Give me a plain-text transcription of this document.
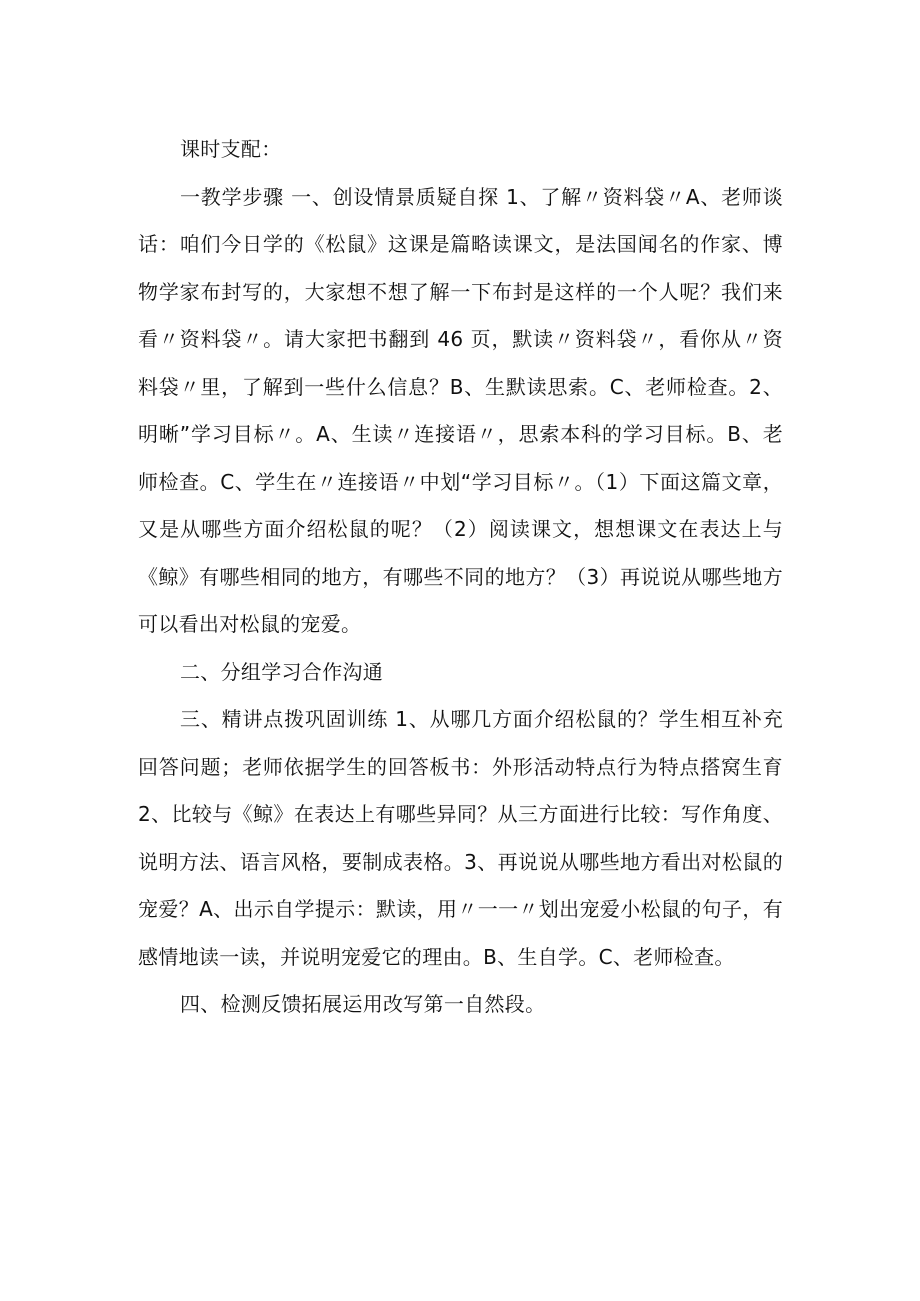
课时支配：

一教学步骤 一、创设情景质疑自探 1、了解〃资料袋〃A、老师谈话：咱们今日学的《松鼠》这课是篇略读课文，是法国闻名的作家、博物学家布封写的，大家想不想了解一下布封是这样的一个人呢？我们来看〃资料袋〃。请大家把书翻到 46 页，默读〃资料袋〃，看你从〃资料袋〃里，了解到一些什么信息？B、生默读思索。C、老师检查。2、明晰”学习目标〃。A、生读〃连接语〃，思索本科的学习目标。B、老师检查。C、学生在〃连接语〃中划“学习目标〃。（1）下面这篇文章，又是从哪些方面介绍松鼠的呢？（2）阅读课文，想想课文在表达上与《鲸》有哪些相同的地方，有哪些不同的地方？（3）再说说从哪些地方可以看出对松鼠的宠爱。

二、分组学习合作沟通

三、精讲点拨巩固训练 1、从哪几方面介绍松鼠的？学生相互补充回答问题；老师依据学生的回答板书：外形活动特点行为特点搭窝生育 2、比较与《鲸》在表达上有哪些异同？从三方面进行比较：写作角度、说明方法、语言风格，要制成表格。3、再说说从哪些地方看出对松鼠的宠爱？A、出示自学提示：默读，用〃一一〃划出宠爱小松鼠的句子，有感情地读一读，并说明宠爱它的理由。B、生自学。C、老师检查。

四、检测反馈拓展运用改写第一自然段。
